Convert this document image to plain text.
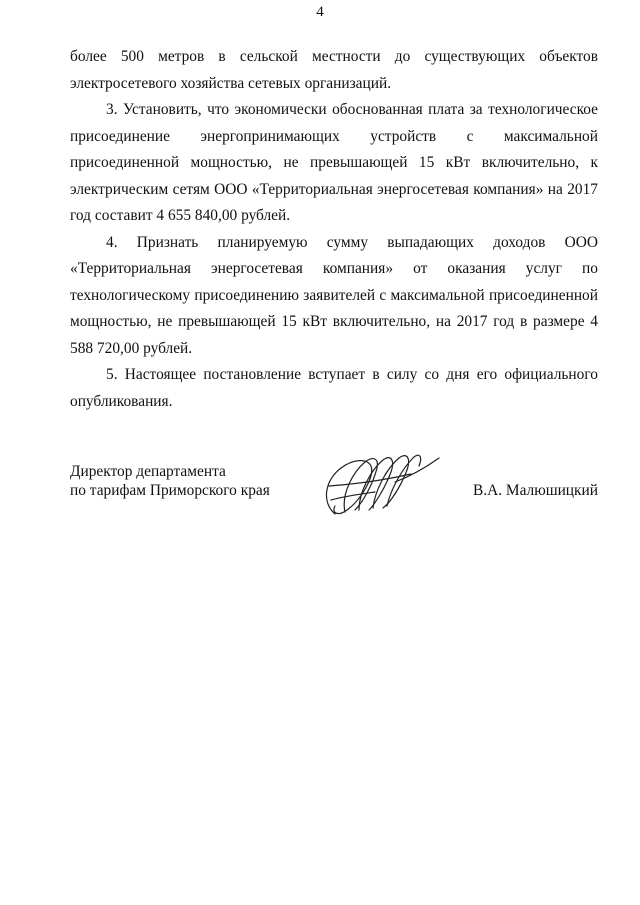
4

более 500 метров в сельской местности до существующих объектов электросетевого хозяйства сетевых организаций.

3. Установить, что экономически обоснованная плата за технологическое присоединение энергопринимающих устройств с максимальной присоединенной мощностью, не превышающей 15 кВт включительно, к электрическим сетям ООО «Территориальная энергосетевая компания» на 2017 год составит 4 655 840,00 рублей.

4. Признать планируемую сумму выпадающих доходов ООО «Территориальная энергосетевая компания» от оказания услуг по технологическому присоединению заявителей с максимальной присоединенной мощностью, не превышающей 15 кВт включительно, на 2017 год в размере 4 588 720,00 рублей.

5. Настоящее постановление вступает в силу со дня его официального опубликования.

Директор департамента
по тарифам Приморского края	В.А. Малюшицкий
